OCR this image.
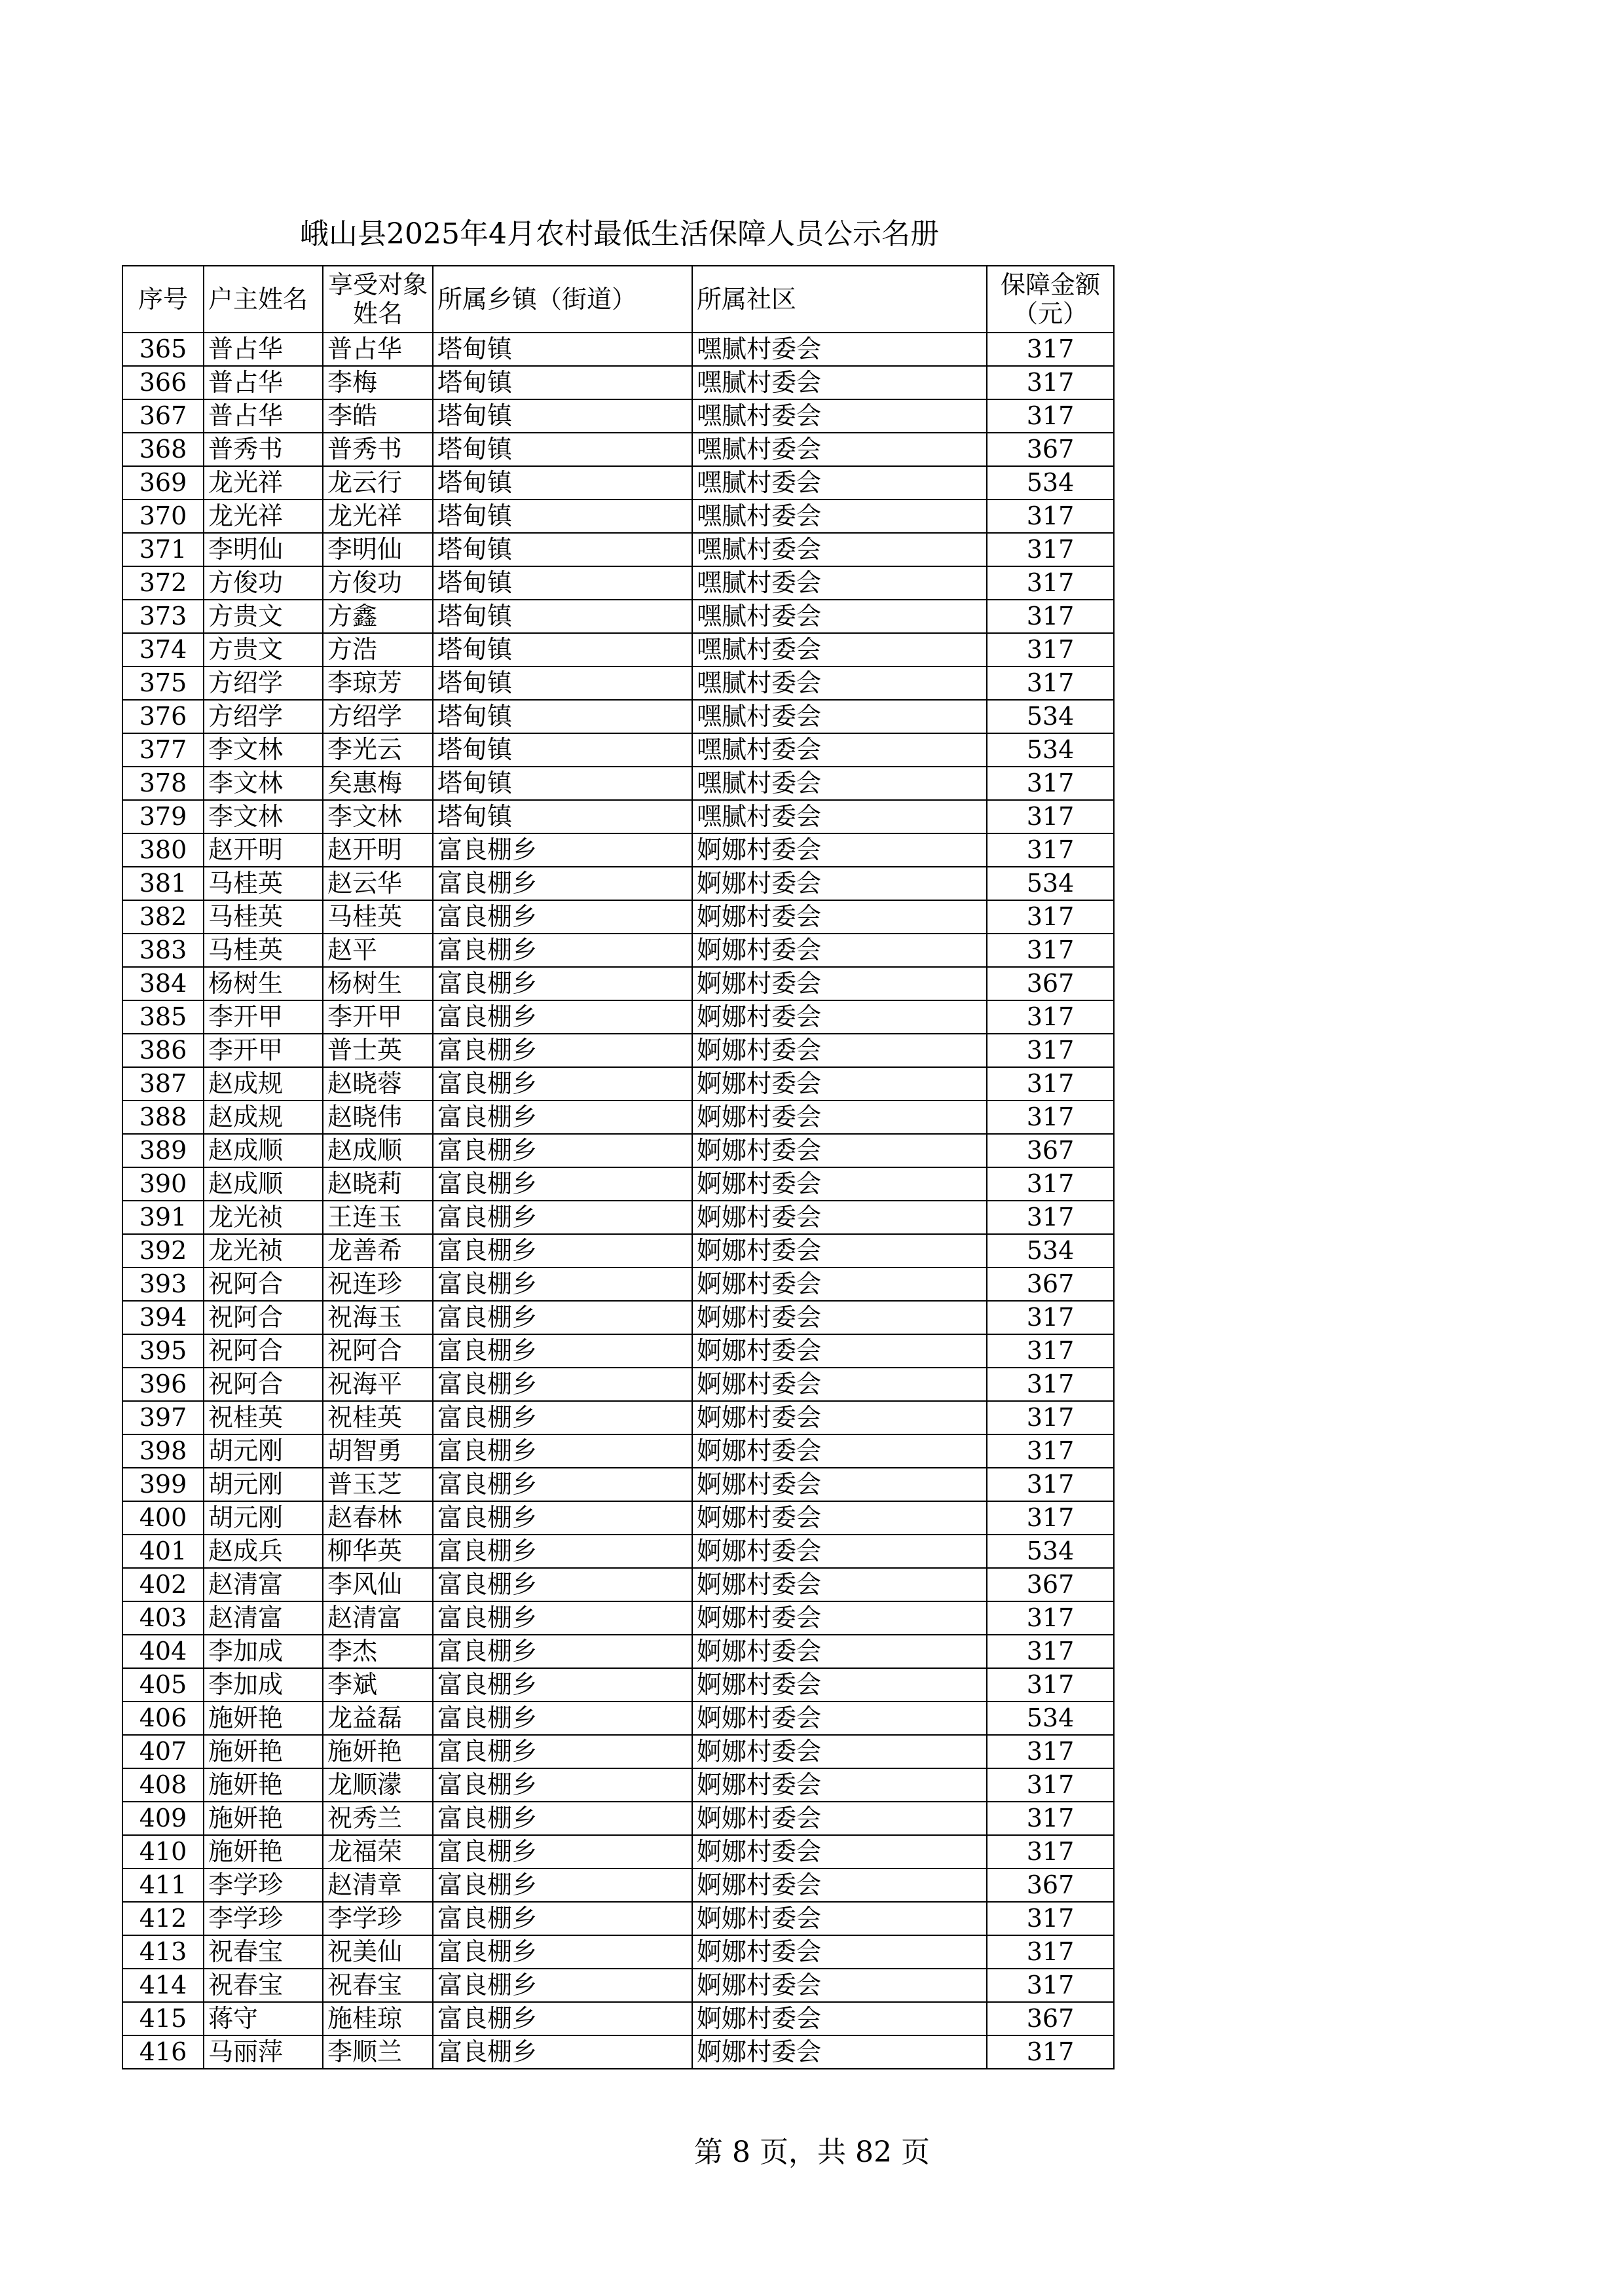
峨山县2025年4月农村最低生活保障人员公示名册
序号	户主姓名	享受对象姓名	所属乡镇（街道）	所属社区	保障金额（元）
365	普占华	普占华	塔甸镇	嘿腻村委会	317
366	普占华	李梅	塔甸镇	嘿腻村委会	317
367	普占华	李皓	塔甸镇	嘿腻村委会	317
368	普秀书	普秀书	塔甸镇	嘿腻村委会	367
369	龙光祥	龙云行	塔甸镇	嘿腻村委会	534
370	龙光祥	龙光祥	塔甸镇	嘿腻村委会	317
371	李明仙	李明仙	塔甸镇	嘿腻村委会	317
372	方俊功	方俊功	塔甸镇	嘿腻村委会	317
373	方贵文	方鑫	塔甸镇	嘿腻村委会	317
374	方贵文	方浩	塔甸镇	嘿腻村委会	317
375	方绍学	李琼芳	塔甸镇	嘿腻村委会	317
376	方绍学	方绍学	塔甸镇	嘿腻村委会	534
377	李文林	李光云	塔甸镇	嘿腻村委会	534
378	李文林	矣惠梅	塔甸镇	嘿腻村委会	317
379	李文林	李文林	塔甸镇	嘿腻村委会	317
380	赵开明	赵开明	富良棚乡	婀娜村委会	317
381	马桂英	赵云华	富良棚乡	婀娜村委会	534
382	马桂英	马桂英	富良棚乡	婀娜村委会	317
383	马桂英	赵平	富良棚乡	婀娜村委会	317
384	杨树生	杨树生	富良棚乡	婀娜村委会	367
385	李开甲	李开甲	富良棚乡	婀娜村委会	317
386	李开甲	普士英	富良棚乡	婀娜村委会	317
387	赵成规	赵晓蓉	富良棚乡	婀娜村委会	317
388	赵成规	赵晓伟	富良棚乡	婀娜村委会	317
389	赵成顺	赵成顺	富良棚乡	婀娜村委会	367
390	赵成顺	赵晓莉	富良棚乡	婀娜村委会	317
391	龙光祯	王连玉	富良棚乡	婀娜村委会	317
392	龙光祯	龙善希	富良棚乡	婀娜村委会	534
393	祝阿合	祝连珍	富良棚乡	婀娜村委会	367
394	祝阿合	祝海玉	富良棚乡	婀娜村委会	317
395	祝阿合	祝阿合	富良棚乡	婀娜村委会	317
396	祝阿合	祝海平	富良棚乡	婀娜村委会	317
397	祝桂英	祝桂英	富良棚乡	婀娜村委会	317
398	胡元刚	胡智勇	富良棚乡	婀娜村委会	317
399	胡元刚	普玉芝	富良棚乡	婀娜村委会	317
400	胡元刚	赵春林	富良棚乡	婀娜村委会	317
401	赵成兵	柳华英	富良棚乡	婀娜村委会	534
402	赵清富	李风仙	富良棚乡	婀娜村委会	367
403	赵清富	赵清富	富良棚乡	婀娜村委会	317
404	李加成	李杰	富良棚乡	婀娜村委会	317
405	李加成	李斌	富良棚乡	婀娜村委会	317
406	施妍艳	龙益磊	富良棚乡	婀娜村委会	534
407	施妍艳	施妍艳	富良棚乡	婀娜村委会	317
408	施妍艳	龙顺濛	富良棚乡	婀娜村委会	317
409	施妍艳	祝秀兰	富良棚乡	婀娜村委会	317
410	施妍艳	龙福荣	富良棚乡	婀娜村委会	317
411	李学珍	赵清章	富良棚乡	婀娜村委会	367
412	李学珍	李学珍	富良棚乡	婀娜村委会	317
413	祝春宝	祝美仙	富良棚乡	婀娜村委会	317
414	祝春宝	祝春宝	富良棚乡	婀娜村委会	317
415	蒋守	施桂琼	富良棚乡	婀娜村委会	367
416	马丽萍	李顺兰	富良棚乡	婀娜村委会	317
第 8 页，共 82 页
